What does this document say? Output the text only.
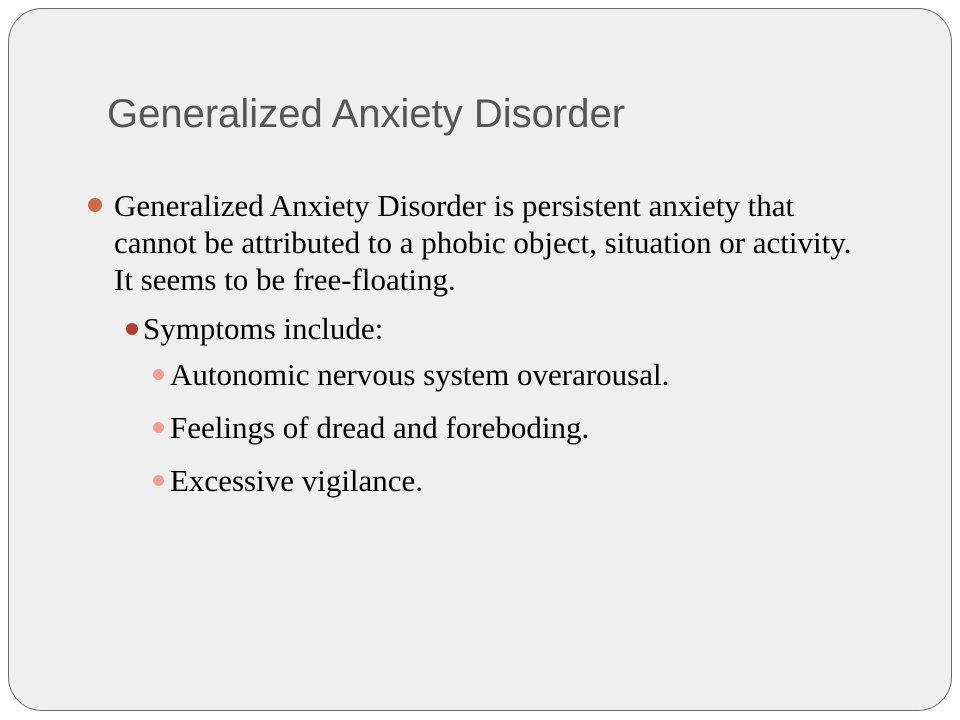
Generalized Anxiety Disorder
Generalized Anxiety Disorder is persistent anxiety that cannot be attributed to a phobic object, situation or activity. It seems to be free-floating.
Symptoms include:
Autonomic nervous system overarousal.
Feelings of dread and foreboding.
Excessive vigilance.
